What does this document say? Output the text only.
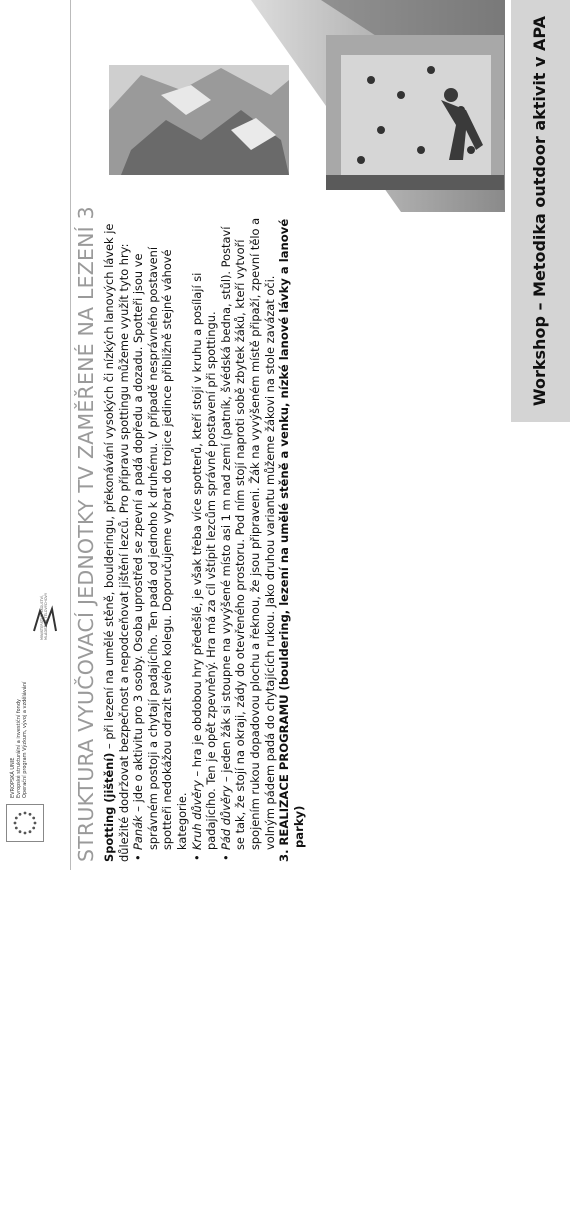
Workshop – Metodika outdoor aktivit v APA
EVROPSKÁ UNIE Evropské strukturální a investiční fondy Operační program Výzkum, vývoj a vzdělávání
MINISTERSTVO ŠKOLSTVÍ, MLÁDEŽE A TĚLOVÝCHOVY STRUKTURA VYUČOVACÍ JEDNOTKY TV ZAMĚŘENÉ NA LEZENÍ 3 Spotting (jištění) – při lezení na umělé stěně, boulderingu, překonávání vysokých či nízkých lanových lávek je důležité dodržovat bezpečnost a nepodceňovat jištění lezců. Pro přípravu spottingu můžeme využít tyto hry: • Panák – jde o aktivitu pro 3 osoby. Osoba uprostřed se zpevní a padá dopředu a dozadu. Spotteři jsou ve správném postoji a chytají padajícího. Ten padá od jednoho k druhému. V případě nesprávného postavení spotteři nedokážou odrazit svého kolegu. Doporučujeme vybrat do trojice jedince přibližně stejné váhové kategorie. • Kruh důvěry – hra je obdobou hry předešlé, je však třeba více spotterů, kteří stojí v kruhu a posílají si padajícího. Ten je opět zpevněný. Hra má za cíl vštípit lezcům správné postavení při spottingu. • Pád důvěry – jeden žák si stoupne na vyvýšené místo asi 1 m nad zemí (patník, švédská bedna, stůl). Postaví se tak, že stojí na okraji, zády do otevřeného prostoru. Pod ním stojí naproti sobě zbytek žáků, kteří vytvoří spojením rukou dopadovou plochu a řeknou, že jsou připraveni. Žák na vyvýšeném místě připaží, zpevní tělo a volným pádem padá do chytajících rukou. Jako druhou variantu můžeme žákovi na stole zavázat oči. 3. REALIZACE PROGRAMU (bouldering, lezení na umělé stěně a venku, nízké lanové lávky a lanové parky)
